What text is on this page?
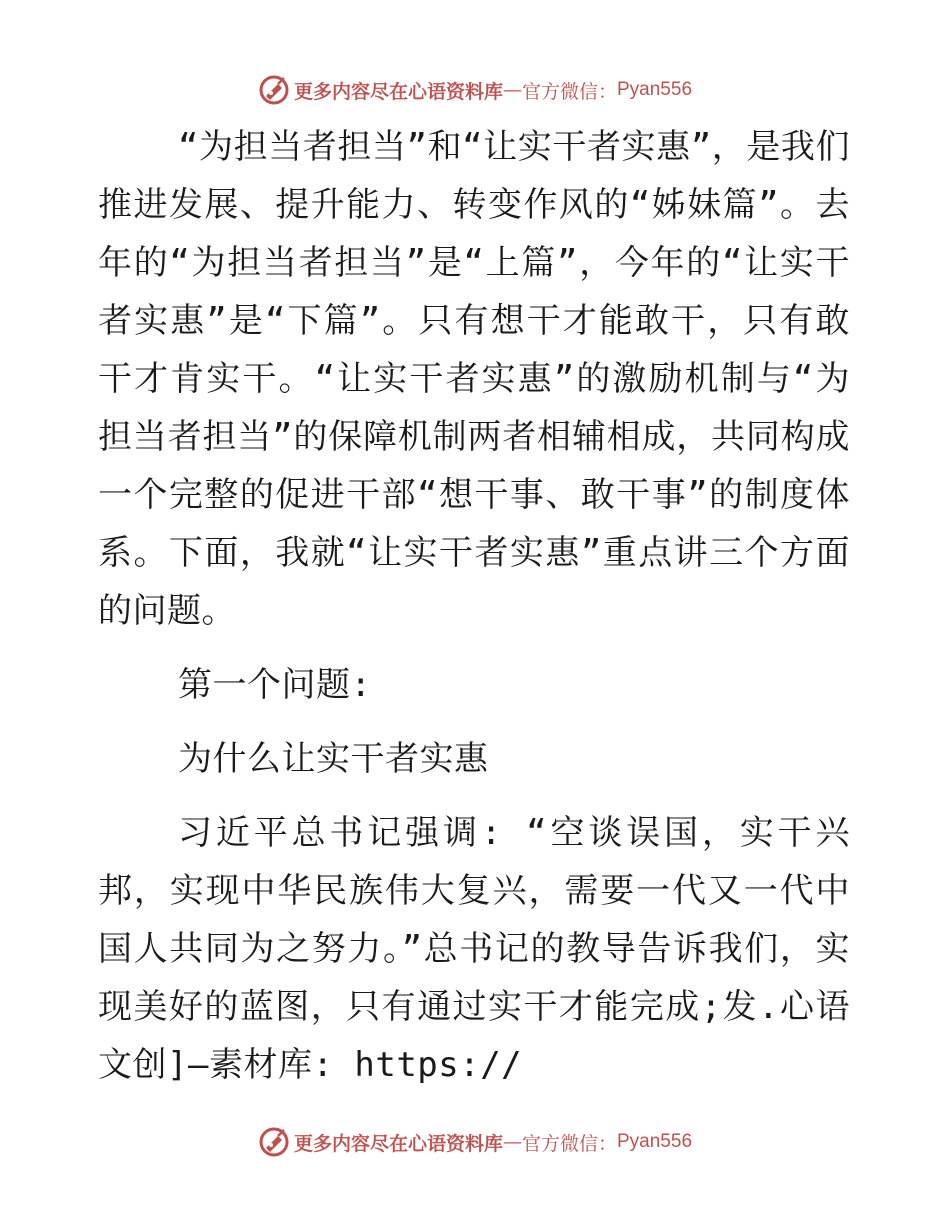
更多内容尽在心语资料库 — 官方微信： Pyan556

“为担当者担当”和“让实干者实惠”，是我们推进发展、提升能力、转变作风的“姊妹篇”。去年的“为担当者担当”是“上篇”，今年的“让实干者实惠”是“下篇”。只有想干才能敢干，只有敢干才肯实干。“让实干者实惠”的激励机制与“为担当者担当”的保障机制两者相辅相成，共同构成一个完整的促进干部“想干事、敢干事”的制度体系。下面，我就“让实干者实惠”重点讲三个方面的问题。

第一个问题:

为什么让实干者实惠

习近平总书记强调: “空谈误国，实干兴邦，实现中华民族伟大复兴，需要一代又一代中国人共同为之努力。”总书记的教导告诉我们，实现美好的蓝图，只有通过实干才能完成;发.心语文创]—素材库: https://

更多内容尽在心语资料库 — 官方微信： Pyan556
